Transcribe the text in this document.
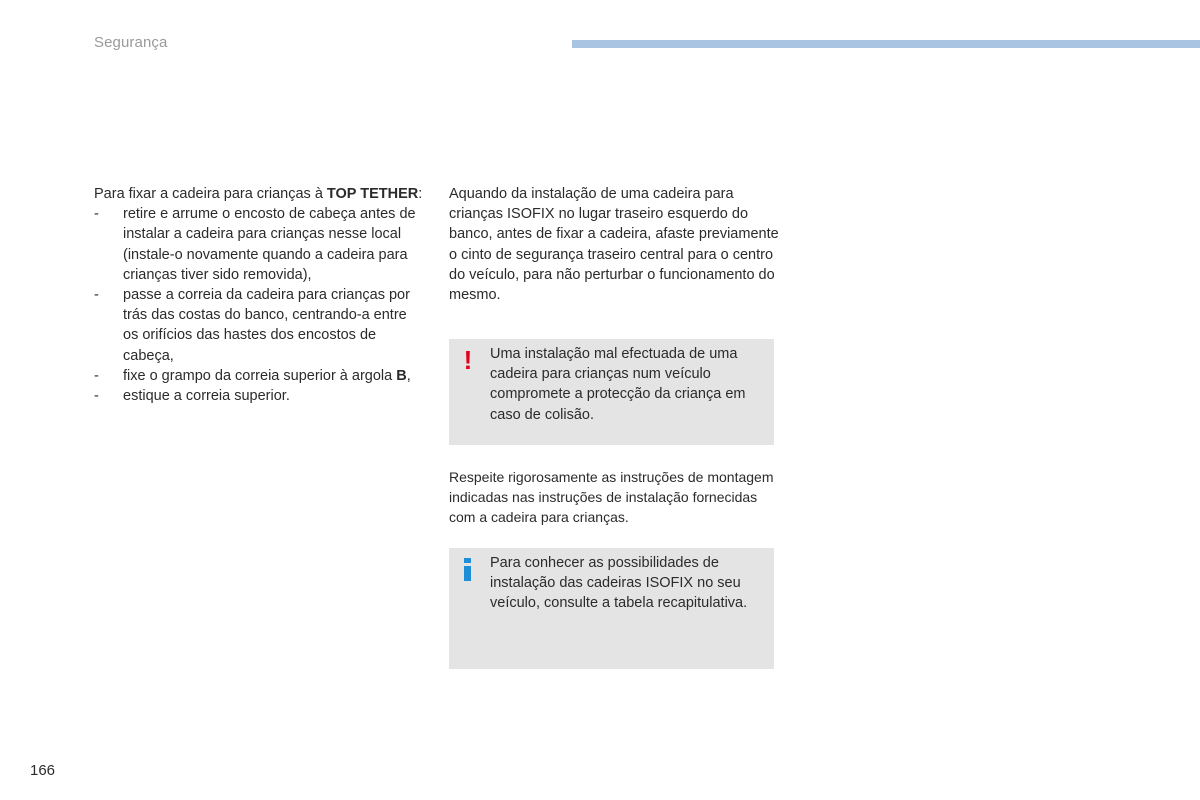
Segurança

Para fixar a cadeira para crianças à TOP TETHER:

- retire e arrume o encosto de cabeça antes de instalar a cadeira para crianças nesse local (instale-o novamente quando a cadeira para crianças tiver sido removida),
- passe a correia da cadeira para crianças por trás das costas do banco, centrando-a entre os orifícios das hastes dos encostos de cabeça,
- fixe o grampo da correia superior à argola B,
- estique a correia superior.

Aquando da instalação de uma cadeira para crianças ISOFIX no lugar traseiro esquerdo do banco, antes de fixar a cadeira, afaste previamente o cinto de segurança traseiro central para o centro do veículo, para não perturbar o funcionamento do mesmo.

! Uma instalação mal efectuada de uma cadeira para crianças num veículo compromete a protecção da criança em caso de colisão.

Respeite rigorosamente as instruções de montagem indicadas nas instruções de instalação fornecidas com a cadeira para crianças.

Para conhecer as possibilidades de instalação das cadeiras ISOFIX no seu veículo, consulte a tabela recapitulativa.
166
